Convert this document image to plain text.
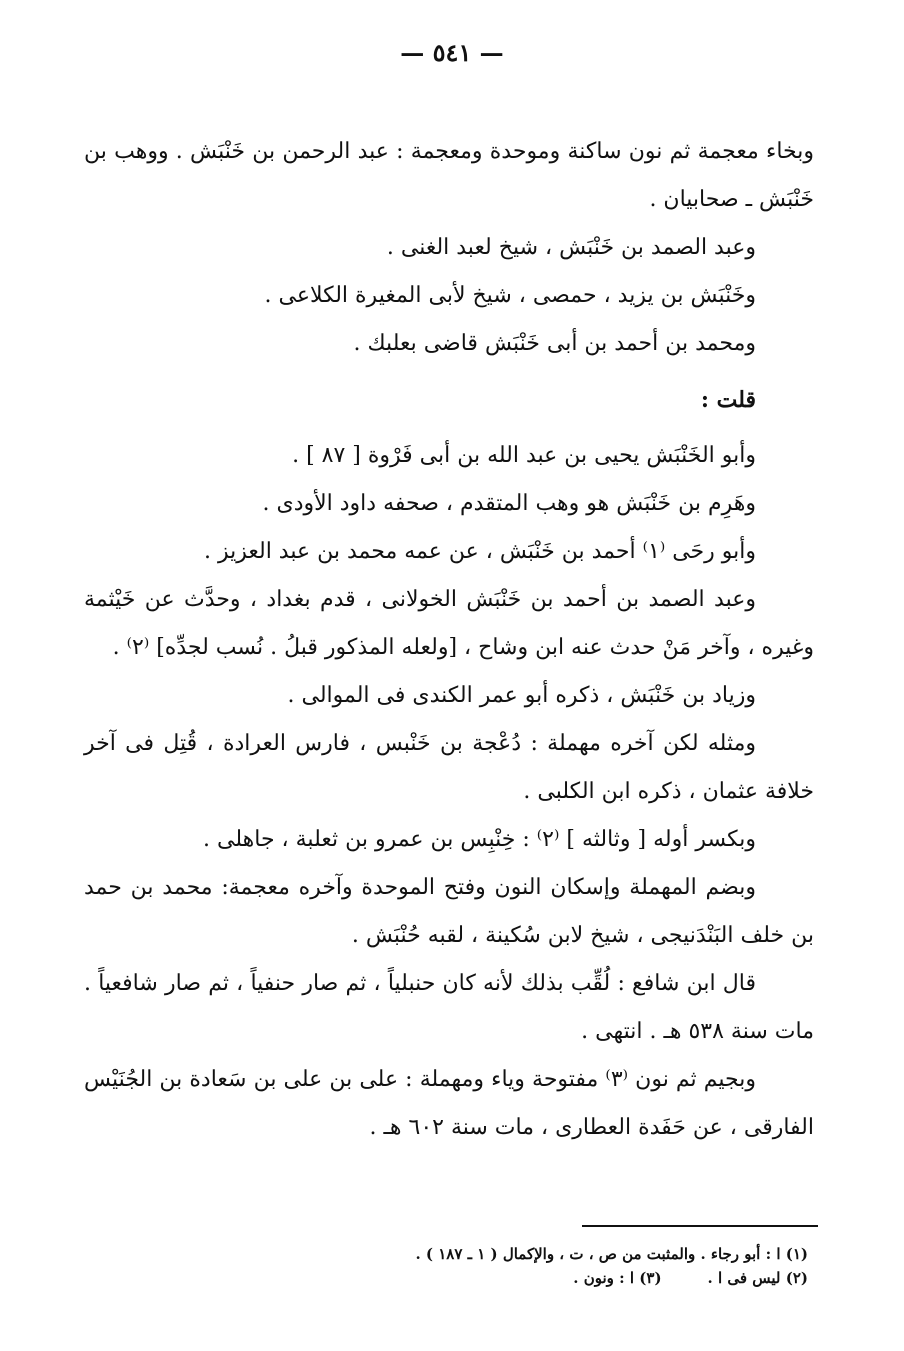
— ٥٤١ —

وبخاء معجمة ثم نون ساكنة وموحدة ومعجمة : عبد الرحمن بن خَنْبَش . ووهب بن خَنْبَش ـ صحابيان .

وعبد الصمد بن خَنْبَش ، شيخ لعبد الغنى .

وخَنْبَش بن يزيد ، حمصى ، شيخ لأبى المغيرة الكلاعى .

ومحمد بن أحمد بن أبى خَنْبَش قاضى بعلبك .

قلت :

وأبو الخَنْبَش يحيى بن عبد الله بن أبى فَرْوة [ ٨٧ ] .

وهَرِم بن خَنْبَش هو وهب المتقدم ، صحفه داود الأودى .

وأبو رحَى ⁽١⁾ أحمد بن خَنْبَش ، عن عمه محمد بن عبد العزيز .

وعبد الصمد بن أحمد بن خَنْبَش الخولانى ، قدم بغداد ، وحدَّث عن خَيْثمة وغيره ، وآخر مَنْ حدث عنه ابن وشاح ، [ولعله المذكور قبلُ . نُسب لجدِّه] ⁽٢⁾ .

وزياد بن خَنْبَش ، ذكره أبو عمر الكندى فى الموالى .

ومثله لكن آخره مهملة : دُعْجة بن خَنْبس ، فارس العرادة ، قُتِل فى آخر خلافة عثمان ، ذكره ابن الكلبى .

وبكسر أوله [ وثالثه ] ⁽٢⁾ : خِنْبِس بن عمرو بن ثعلبة ، جاهلى .

وبضم المهملة وإسكان النون وفتح الموحدة وآخره معجمة: محمد بن حمد بن خلف البَنْدَنيجى ، شيخ لابن سُكينة ، لقبه حُنْبَش .

قال ابن شافع : لُقِّب بذلك لأنه كان حنبلياً ، ثم صار حنفياً ، ثم صار شافعياً . مات سنة ٥٣٨ هـ . انتهى .

وبجيم ثم نون ⁽٣⁾ مفتوحة وياء ومهملة : على بن على بن سَعادة بن الجُنَيْس الفارقى ، عن حَفَدة العطارى ، مات سنة ٦٠٢ هـ .

(١) ا : أبو رجاء . والمثبت من ص ، ت ، والإكمال ( ١ ـ ١٨٧ ) .

(٢) ليس فى ا .(٣) ا : ونون .
